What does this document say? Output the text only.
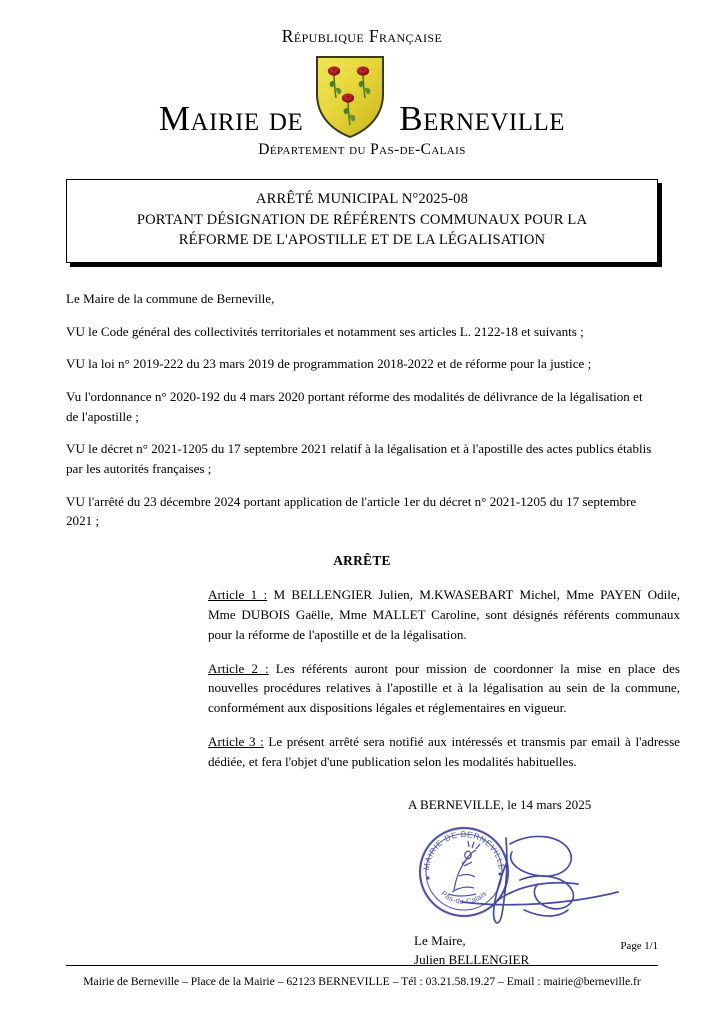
République Française
Mairie de	Berneville
Département du Pas-de-Calais
ARRÊTÉ MUNICIPAL N°2025-08
PORTANT DÉSIGNATION DE RÉFÉRENTS COMMUNAUX POUR LA
RÉFORME DE L'APOSTILLE ET DE LA LÉGALISATION
Le Maire de la commune de Berneville,
VU le Code général des collectivités territoriales et notamment ses articles L. 2122-18 et suivants ;
VU la loi n° 2019-222 du 23 mars 2019 de programmation 2018-2022 et de réforme pour la justice ;
Vu l'ordonnance n° 2020-192 du 4 mars 2020 portant réforme des modalités de délivrance de la légalisation et de l'apostille ;
VU le décret n° 2021-1205 du 17 septembre 2021 relatif à la légalisation et à l'apostille des actes publics établis par les autorités françaises ;
VU l'arrêté du 23 décembre 2024 portant application de l'article 1er du décret n° 2021-1205 du 17 septembre 2021 ;
ARRÊTE
Article 1 : M BELLENGIER Julien, M.KWASEBART Michel, Mme PAYEN Odile, Mme DUBOIS Gaëlle, Mme MALLET Caroline, sont désignés référents communaux pour la réforme de l'apostille et de la légalisation.
Article 2 : Les référents auront pour mission de coordonner la mise en place des nouvelles procédures relatives à l'apostille et à la légalisation au sein de la commune, conformément aux dispositions légales et réglementaires en vigueur.
Article 3 : Le présent arrêté sera notifié aux intéressés et transmis par email à l'adresse dédiée, et fera l'objet d'une publication selon les modalités habituelles.
A BERNEVILLE, le 14 mars 2025
MAIRIE DE BERNEVILLE
Pas-de-Calais
Le Maire,
Julien BELLENGIER
Page 1/1
Mairie de Berneville – Place de la Mairie – 62123 BERNEVILLE – Tél : 03.21.58.19.27 – Email : mairie@berneville.fr
